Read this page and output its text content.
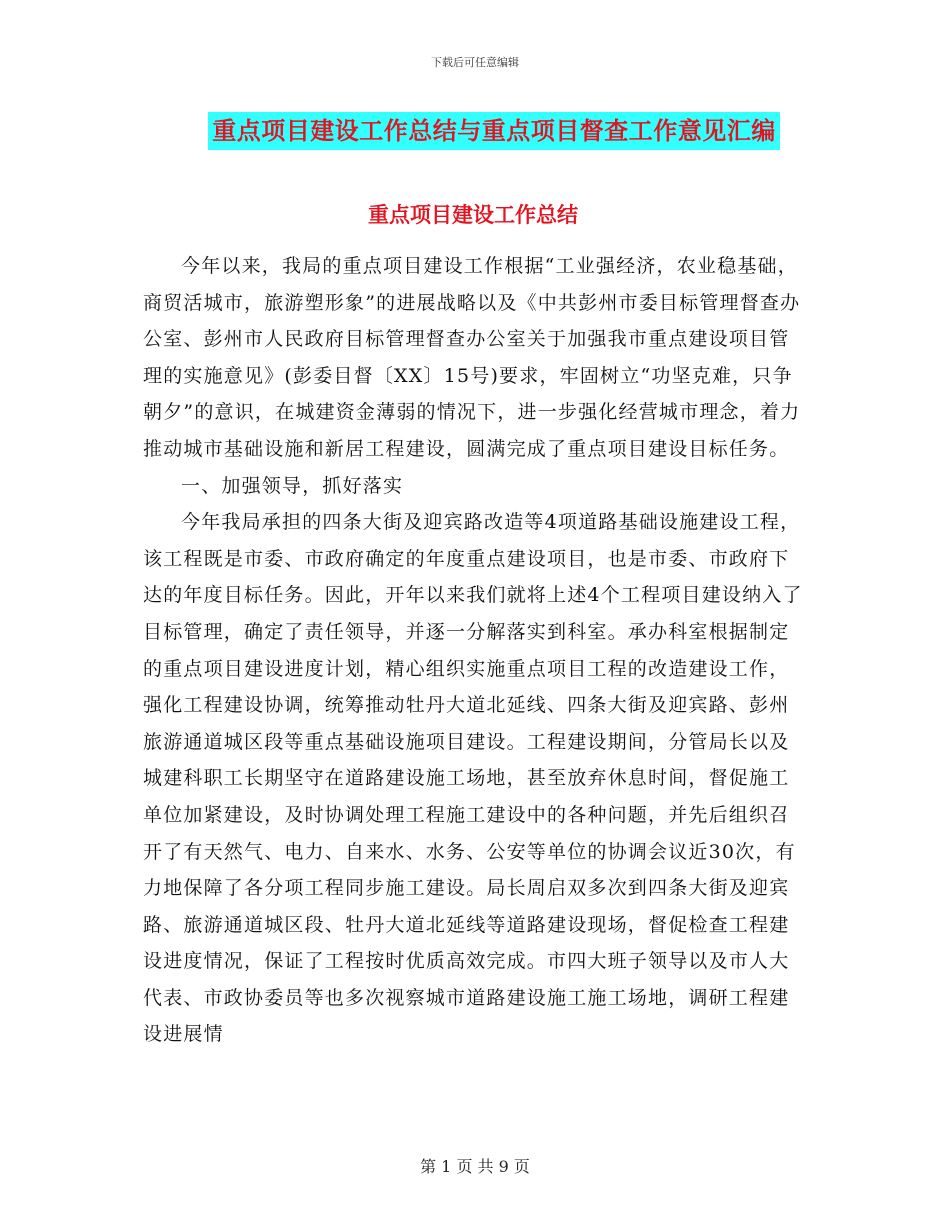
下载后可任意编辑
重点项目建设工作总结与重点项目督查工作意见汇编
重点项目建设工作总结

今年以来，我局的重点项目建设工作根据“工业强经济，农业稳基础，商贸活城市，旅游塑形象”的进展战略以及《中共彭州市委目标管理督查办公室、彭州市人民政府目标管理督查办公室关于加强我市重点建设项目管理的实施意见》(彭委目督〔XX〕15号)要求，牢固树立“功坚克难，只争朝夕”的意识，在城建资金薄弱的情况下，进一步强化经营城市理念，着力推动城市基础设施和新居工程建设，圆满完成了重点项目建设目标任务。

一、加强领导，抓好落实

今年我局承担的四条大街及迎宾路改造等4项道路基础设施建设工程，该工程既是市委、市政府确定的年度重点建设项目，也是市委、市政府下达的年度目标任务。因此，开年以来我们就将上述4个工程项目建设纳入了目标管理，确定了责任领导，并逐一分解落实到科室。承办科室根据制定的重点项目建设进度计划，精心组织实施重点项目工程的改造建设工作，强化工程建设协调，统筹推动牡丹大道北延线、四条大街及迎宾路、彭州旅游通道城区段等重点基础设施项目建设。工程建设期间，分管局长以及城建科职工长期坚守在道路建设施工场地，甚至放弃休息时间，督促施工单位加紧建设，及时协调处理工程施工建设中的各种问题，并先后组织召开了有天然气、电力、自来水、水务、公安等单位的协调会议近30次，有力地保障了各分项工程同步施工建设。局长周启双多次到四条大街及迎宾路、旅游通道城区段、牡丹大道北延线等道路建设现场，督促检查工程建设进度情况，保证了工程按时优质高效完成。市四大班子领导以及市人大代表、市政协委员等也多次视察城市道路建设施工施工场地，调研工程建设进展情

第 1 页 共 9 页
